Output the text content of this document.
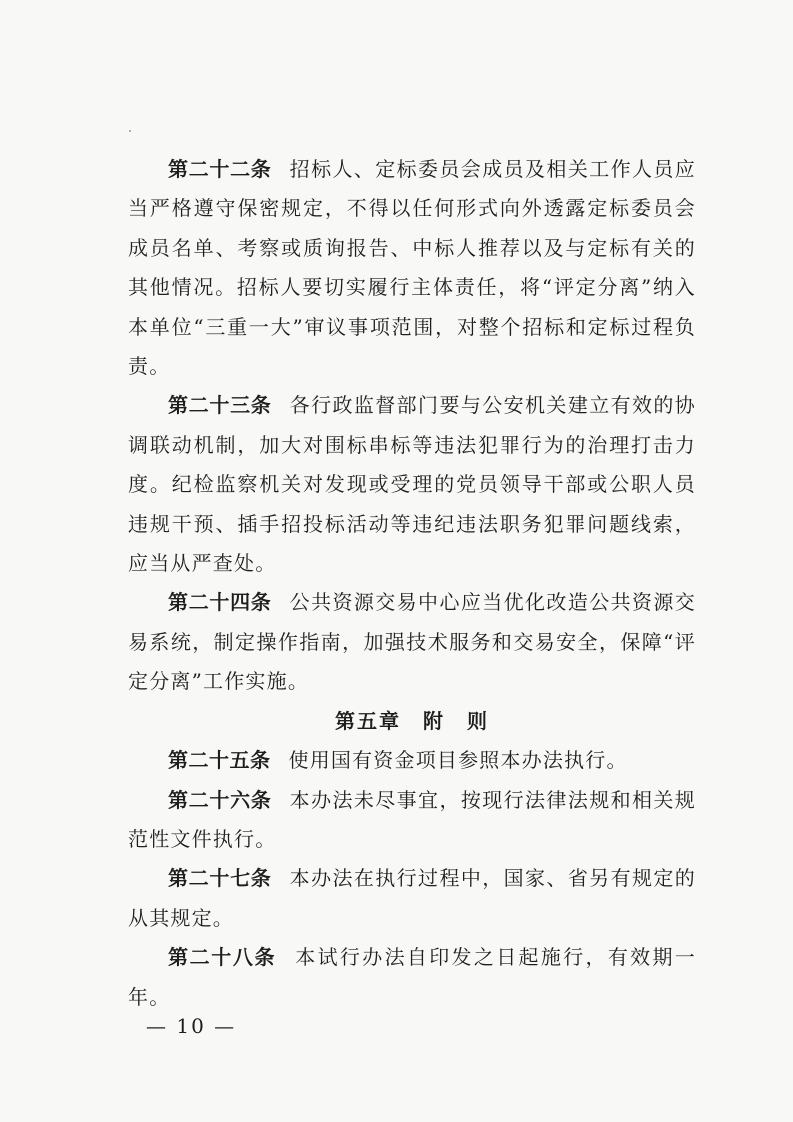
第二十二条 招标人、定标委员会成员及相关工作人员应当严格遵守保密规定，不得以任何形式向外透露定标委员会成员名单、考察或质询报告、中标人推荐以及与定标有关的其他情况。招标人要切实履行主体责任，将“评定分离”纳入本单位“三重一大”审议事项范围，对整个招标和定标过程负责。

第二十三条 各行政监督部门要与公安机关建立有效的协调联动机制，加大对围标串标等违法犯罪行为的治理打击力度。纪检监察机关对发现或受理的党员领导干部或公职人员违规干预、插手招投标活动等违纪违法职务犯罪问题线索，应当从严查处。

第二十四条 公共资源交易中心应当优化改造公共资源交易系统，制定操作指南，加强技术服务和交易安全，保障“评定分离”工作实施。

第五章　附　则

第二十五条 使用国有资金项目参照本办法执行。

第二十六条 本办法未尽事宜，按现行法律法规和相关规范性文件执行。

第二十七条 本办法在执行过程中，国家、省另有规定的从其规定。

第二十八条 本试行办法自印发之日起施行，有效期一年。

— 10 —
